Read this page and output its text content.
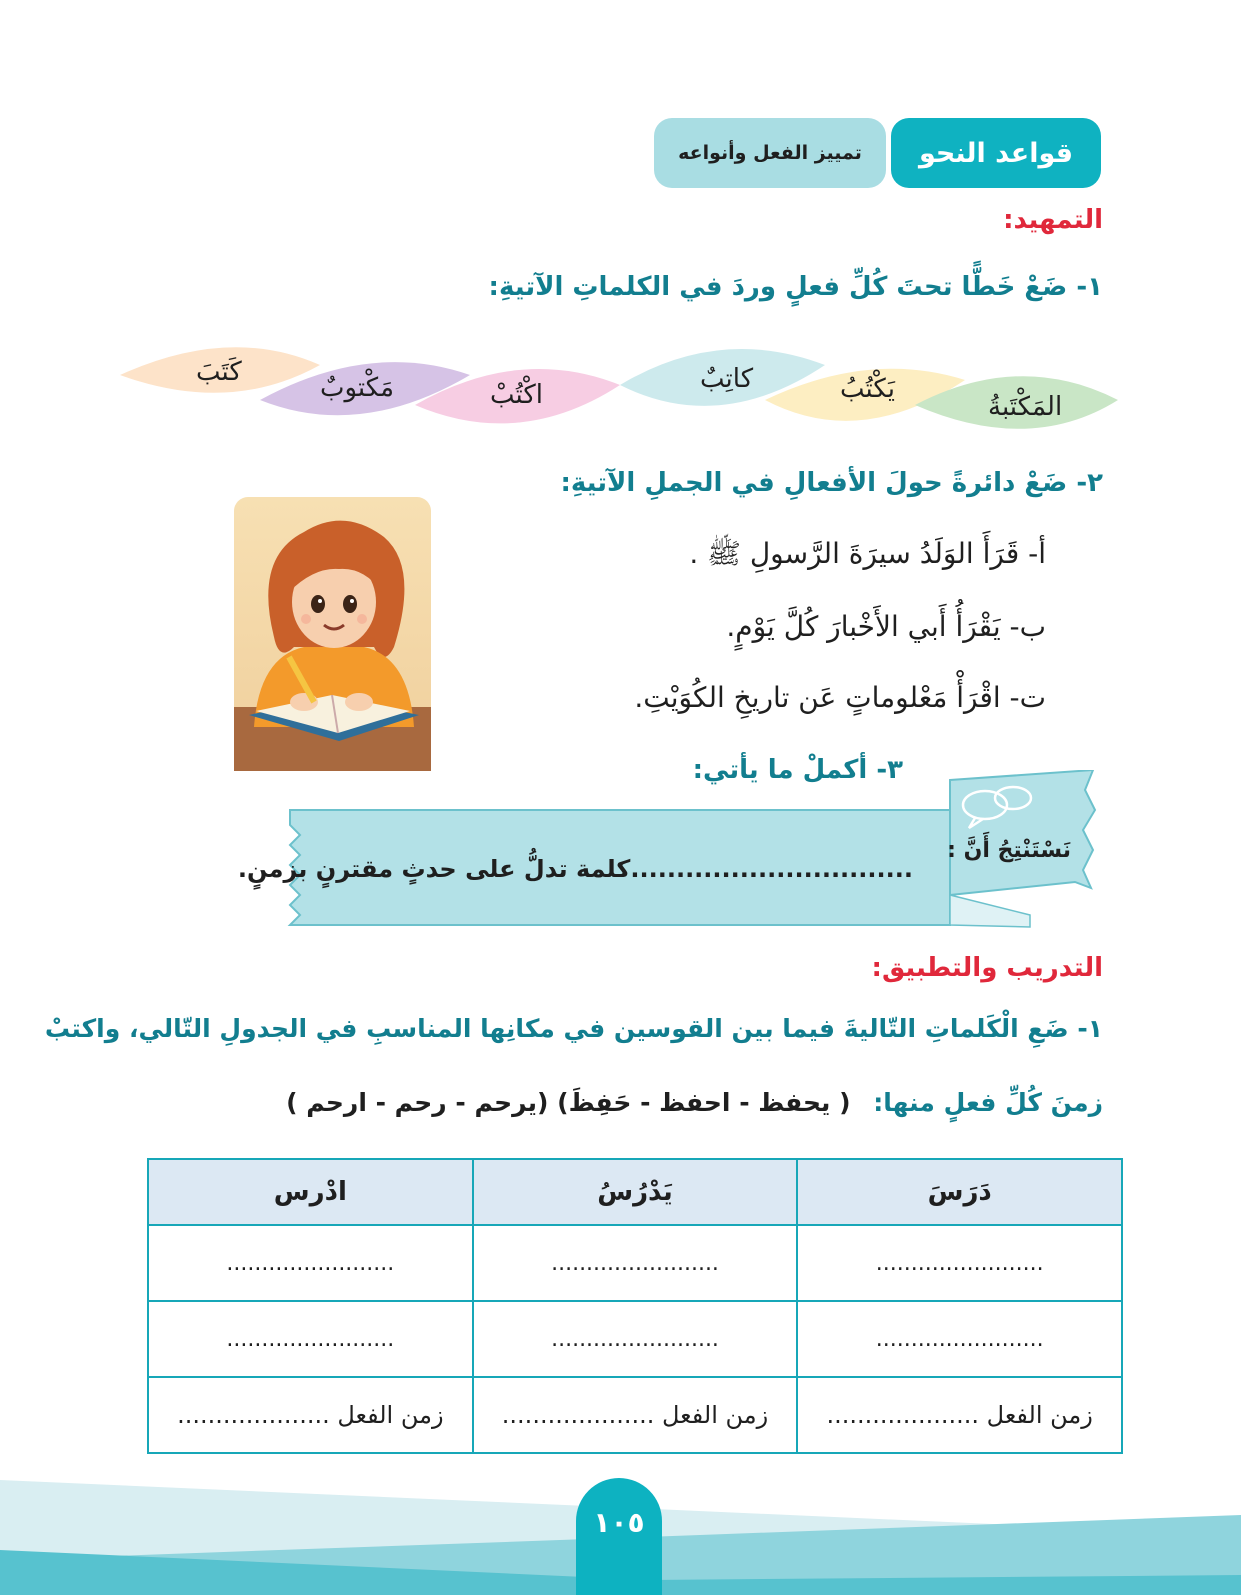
قواعد النحو
تمييز الفعل وأنواعه
التمهيد:
١- ضَعْ خَطًّا تحتَ كُلِّ فعلٍ وردَ في الكلماتِ الآتيةِ:
المَكْتَبةُ
يَكْتُبُ
كاتِبٌ
اكْتُبْ
مَكْتوبٌ
كَتَبَ
٢- ضَعْ دائرةً حولَ الأفعالِ في الجملِ الآتيةِ:
أ- قَرَأَ الوَلَدُ سيرَةَ الرَّسولِ ﷺ .
ب- يَقْرَأُ أَبي الأَخْبارَ كُلَّ يَوْمٍ.
ت- اقْرَأْ مَعْلوماتٍ عَن تاريخِ الكُوَيْتِ.
٣- أكملْ ما يأتي:
نَسْتَنْتِجُ أَنَّ :
...............................كلمة تدلُّ على حدثٍ مقترنٍ بزمنٍ.
التدريب والتطبيق:
١- ضَعِ الْكَلماتِ التّاليةَ فيما بين القوسين في مكانِها المناسبِ في الجدولِ التّالي، واكتبْ
زمنَ كُلِّ فعلٍ منها: ( يحفظ - احفظ - حَفِظَ) (يرحم - رحم - ارحم )
دَرَسَ	يَدْرُسُ	ادْرس
........................	........................	........................
........................	........................	........................
زمن الفعل ....................	زمن الفعل ....................	زمن الفعل ....................
١٠٥
